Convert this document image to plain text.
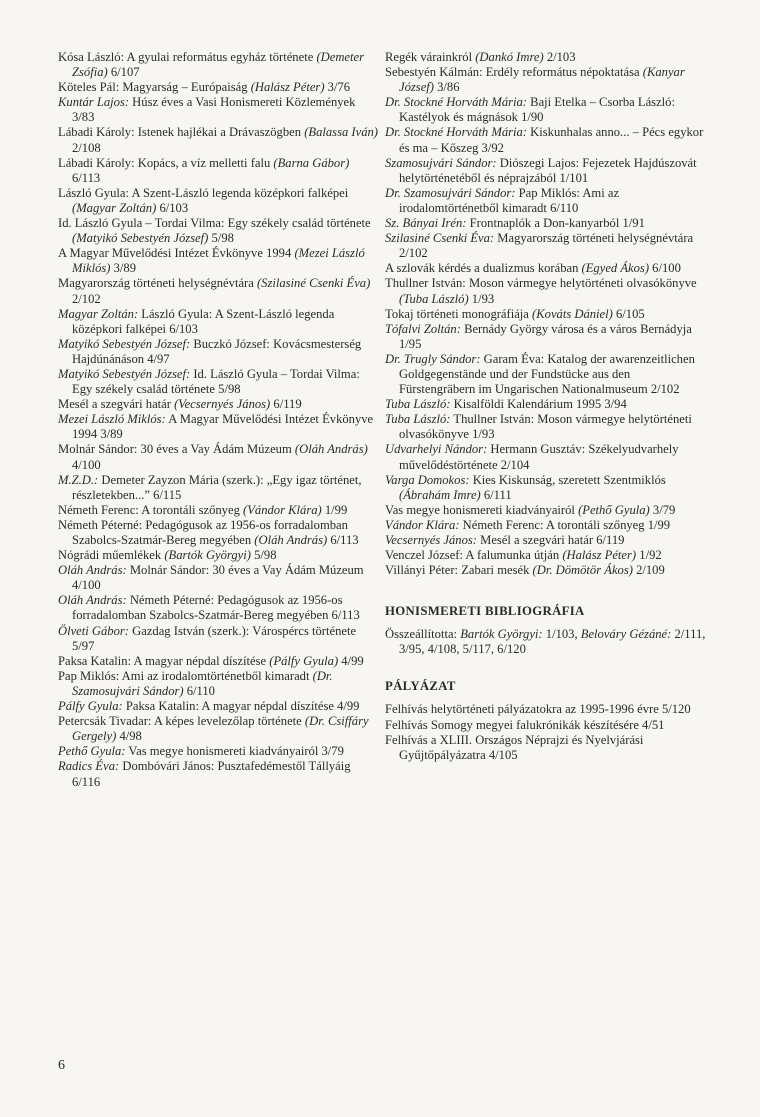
Kósa László: A gyulai református egyház története (Demeter Zsófia) 6/107
Köteles Pál: Magyarság – Európaiság (Halász Péter) 3/76
Kuntár Lajos: Húsz éves a Vasi Honismereti Közlemények 3/83
Lábadi Károly: Istenek hajlékai a Drávaszögben (Balassa Iván) 2/108
Lábadi Károly: Kopács, a víz melletti falu (Barna Gábor) 6/113
László Gyula: A Szent-László legenda középkori falképei (Magyar Zoltán) 6/103
Id. László Gyula – Tordai Vilma: Egy székely család története (Matyikó Sebestyén József) 5/98
A Magyar Művelődési Intézet Évkönyve 1994 (Mezei László Miklós) 3/89
Magyarország történeti helységnévtára (Szilasiné Csenki Éva) 2/102
Magyar Zoltán: László Gyula: A Szent-László legenda középkori falképei 6/103
Matyikó Sebestyén József: Buczkó József: Kovácsmesterség Hajdúnánáson 4/97
Matyikó Sebestyén József: Id. László Gyula – Tordai Vilma: Egy székely család története 5/98
Mesél a szegvári határ (Vecsernyés János) 6/119
Mezei László Miklós: A Magyar Művelődési Intézet Évkönyve 1994 3/89
Molnár Sándor: 30 éves a Vay Ádám Múzeum (Oláh András) 4/100
M.Z.D.: Demeter Zayzon Mária (szerk.): „Egy igaz történet, részletekben...” 6/115
Németh Ferenc: A torontáli szőnyeg (Vándor Klára) 1/99
Németh Péterné: Pedagógusok az 1956-os forradalomban Szabolcs-Szatmár-Bereg megyében (Oláh András) 6/113
Nógrádi műemlékek (Bartók Györgyi) 5/98
Oláh András: Molnár Sándor: 30 éves a Vay Ádám Múzeum 4/100
Oláh András: Németh Péterné: Pedagógusok az 1956-os forradalomban Szabolcs-Szatmár-Bereg megyében 6/113
Ölveti Gábor: Gazdag István (szerk.): Várospércs története 5/97
Paksa Katalin: A magyar népdal díszítése (Pálfy Gyula) 4/99
Pap Miklós: Ami az irodalomtörténetből kimaradt (Dr. Szamosujvári Sándor) 6/110
Pálfy Gyula: Paksa Katalin: A magyar népdal díszítése 4/99
Petercsák Tivadar: A képes levelezőlap története (Dr. Csiffáry Gergely) 4/98
Pethő Gyula: Vas megye honismereti kiadványairól 3/79
Radics Éva: Dombóvári János: Pusztafedémestől Tállyáig 6/116
Regék várainkról (Dankó Imre) 2/103
Sebestyén Kálmán: Erdély református népoktatása (Kanyar József) 3/86
Dr. Stockné Horváth Mária: Baji Etelka – Csorba László: Kastélyok és mágnások 1/90
Dr. Stockné Horváth Mária: Kiskunhalas anno... – Pécs egykor és ma – Kőszeg 3/92
Szamosujvári Sándor: Diószegi Lajos: Fejezetek Hajdúszovát helytörténetéből és néprajzából 1/101
Dr. Szamosujvári Sándor: Pap Miklós: Ami az irodalomtörténetből kimaradt 6/110
Sz. Bányai Irén: Frontnaplók a Don-kanyarból 1/91
Szilasiné Csenki Éva: Magyarország történeti helységnévtára 2/102
A szlovák kérdés a dualizmus korában (Egyed Ákos) 6/100
Thullner István: Moson vármegye helytörténeti olvasókönyve (Tuba László) 1/93
Tokaj történeti monográfiája (Kováts Dániel) 6/105
Tófalvi Zoltán: Bernády György városa és a város Bernádyja 1/95
Dr. Trugly Sándor: Garam Éva: Katalog der awarenzeitlichen Goldgegenstände und der Fundstücke aus den Fürstengräbern im Ungarischen Nationalmuseum 2/102
Tuba László: Kisalföldi Kalendárium 1995 3/94
Tuba László: Thullner István: Moson vármegye helytörténeti olvasókönyve 1/93
Udvarhelyi Nándor: Hermann Gusztáv: Székelyudvarhely művelődéstörténete 2/104
Varga Domokos: Kies Kiskunság, szeretett Szentmiklós (Ábrahám Imre) 6/111
Vas megye honismereti kiadványairól (Pethő Gyula) 3/79
Vándor Klára: Németh Ferenc: A torontáli szőnyeg 1/99
Vecsernyés János: Mesél a szegvári határ 6/119
Venczel József: A falumunka útján (Halász Péter) 1/92
Villányi Péter: Zabari mesék (Dr. Dömötör Ákos) 2/109
HONISMERETI BIBLIOGRÁFIA
Összeállította: Bartók Györgyi: 1/103, Belováry Gézáné: 2/111, 3/95, 4/108, 5/117, 6/120
PÁLYÁZAT
Felhívás helytörténeti pályázatokra az 1995-1996 évre 5/120
Felhívás Somogy megyei falukrónikák készítésére 4/51
Felhívás a XLIII. Országos Néprajzi és Nyelvjárási Gyűjtőpályázatra 4/105
6
